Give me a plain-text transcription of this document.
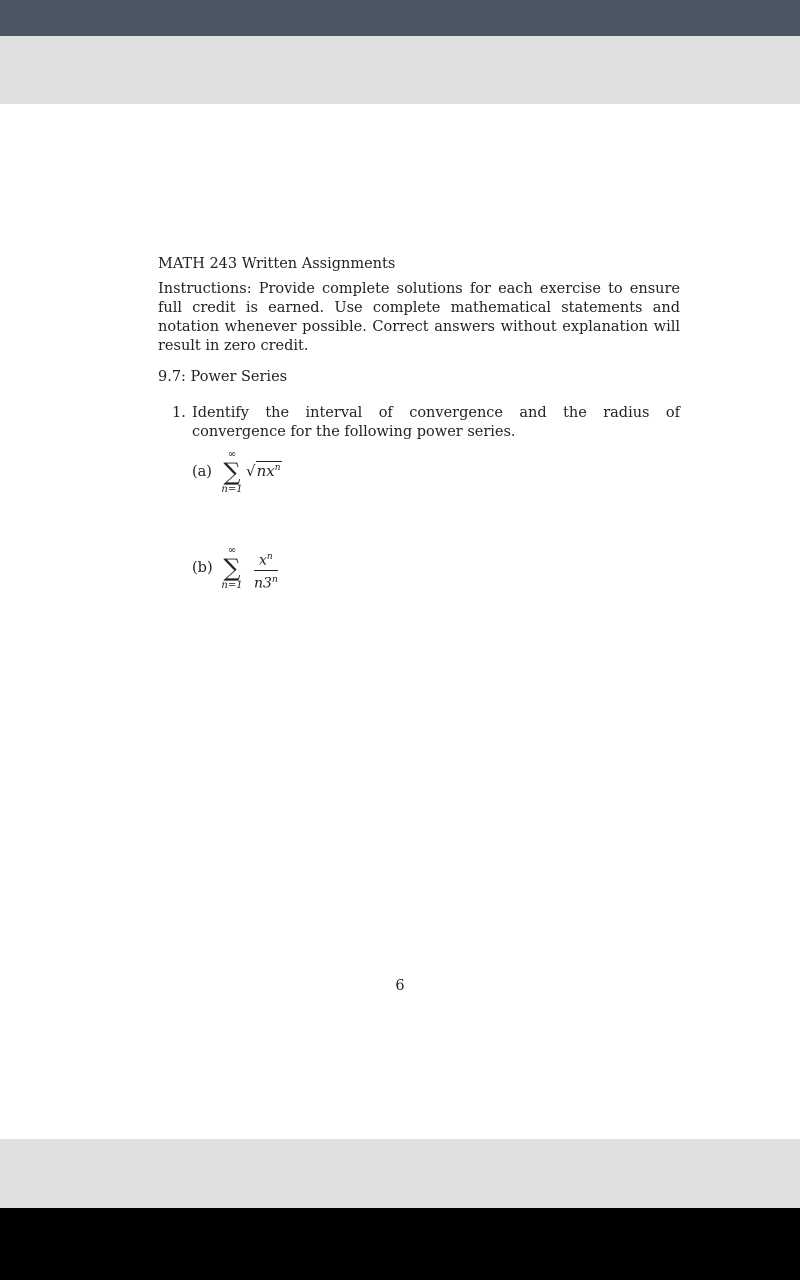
MATH 243 Written Assignments

Instructions: Provide complete solutions for each exercise to ensure full credit is earned. Use complete mathematical statements and notation whenever possible. Correct answers without explanation will result in zero credit.

9.7: Power Series

1. Identify the interval of convergence and the radius of convergence for the following power series.
(a)
∞
∑
n=1
$√nx^n$
(b)
∞
∑
$n=1 \frac{x^n}{n3^n}$
6
